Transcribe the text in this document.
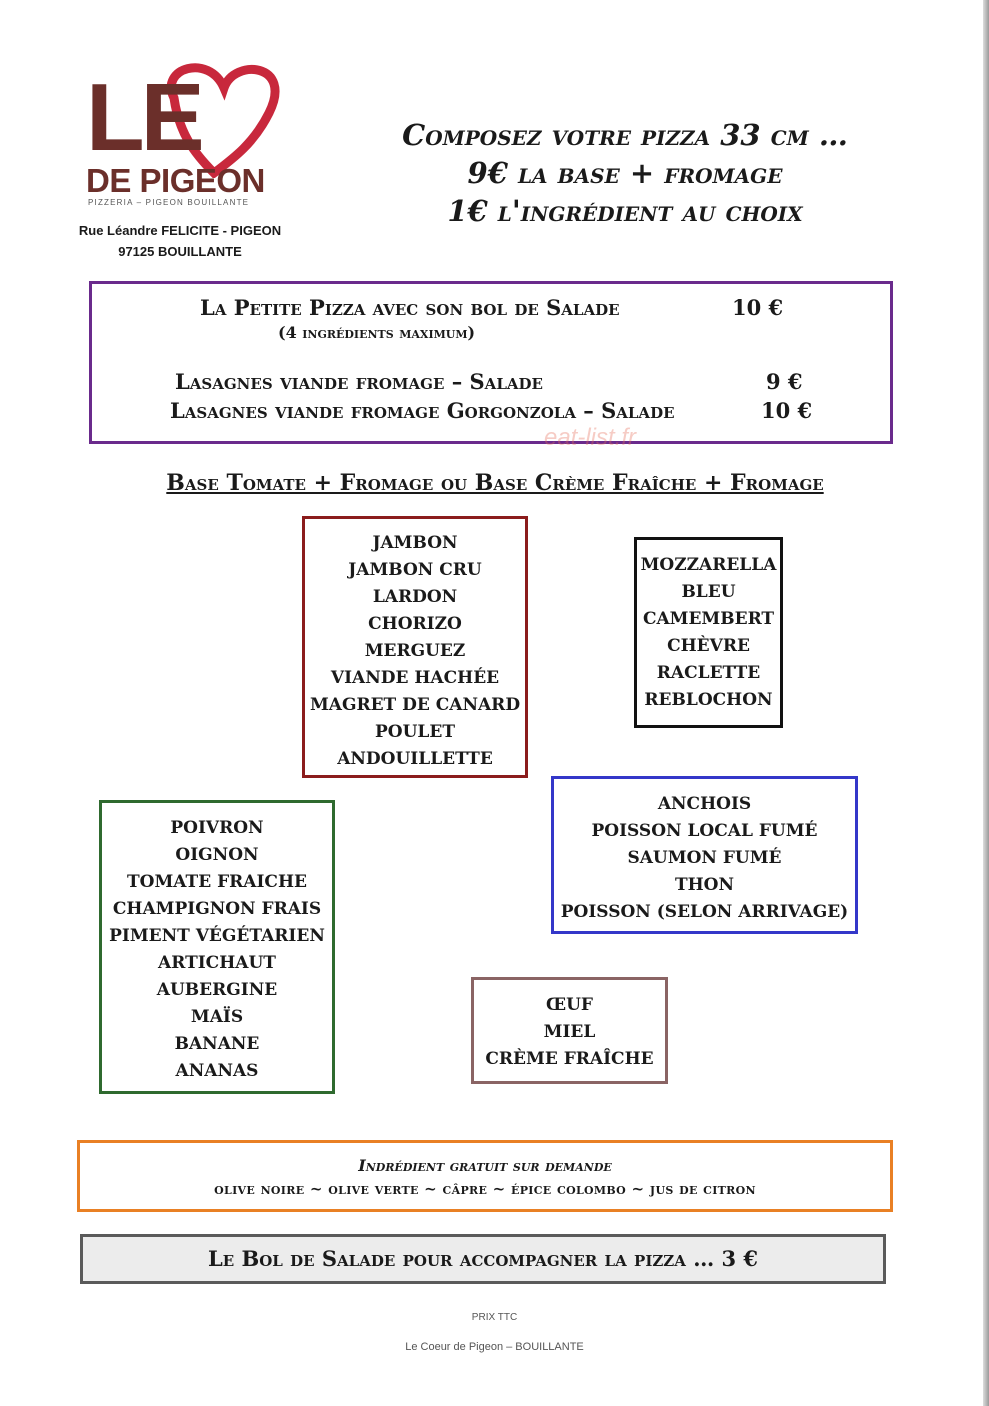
LE
DE PIGEON
PIZZERIA – PIGEON BOUILLANTE
Rue Léandre FELICITE - PIGEON
97125 BOUILLANTE
Composez votre pizza 33 cm …
9€ la base + fromage
1€ l'ingrédient au choix
La Petite Pizza avec son bol de Salade	10 €
(4 ingrédients maximum)
Lasagnes viande fromage – Salade	9 €
Lasagnes viande fromage Gorgonzola – Salade	10 €
eat-list.fr
Base Tomate + Fromage ou Base Crème Fraîche + Fromage
JAMBON
JAMBON CRU
LARDON
CHORIZO
MERGUEZ
VIANDE HACHÉE
MAGRET DE CANARD
POULET
ANDOUILLETTE
MOZZARELLA
BLEU
CAMEMBERT
CHÈVRE
RACLETTE
REBLOCHON
POIVRON
OIGNON
TOMATE FRAICHE
CHAMPIGNON FRAIS
PIMENT VÉGÉTARIEN
ARTICHAUT
AUBERGINE
MAÏS
BANANE
ANANAS
ANCHOIS
POISSON LOCAL FUMÉ
SAUMON FUMÉ
THON
POISSON (SELON ARRIVAGE)
ŒUF
MIEL
CRÈME FRAÎCHE
Indrédient gratuit sur demande
olive noire ~ olive verte ~ câpre ~ épice colombo ~ jus de citron
Le Bol de Salade pour accompagner la pizza … 3 €
PRIX TTC
Le Coeur de Pigeon – BOUILLANTE
